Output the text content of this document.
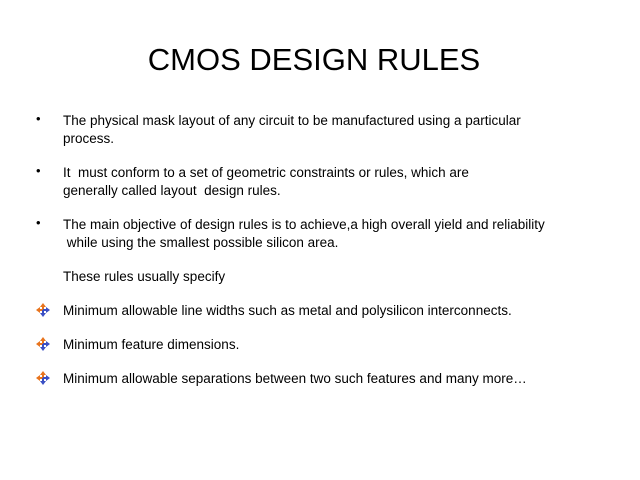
CMOS DESIGN RULES
• The physical mask layout of any circuit to be manufactured using a particular
process.
• It  must conform to a set of geometric constraints or rules, which are
generally called layout  design rules.
• The main objective of design rules is to achieve,a high overall yield and reliability
while using the smallest possible silicon area.
These rules usually specify
Minimum allowable line widths such as metal and polysilicon interconnects.
Minimum feature dimensions.
Minimum allowable separations between two such features and many more…
